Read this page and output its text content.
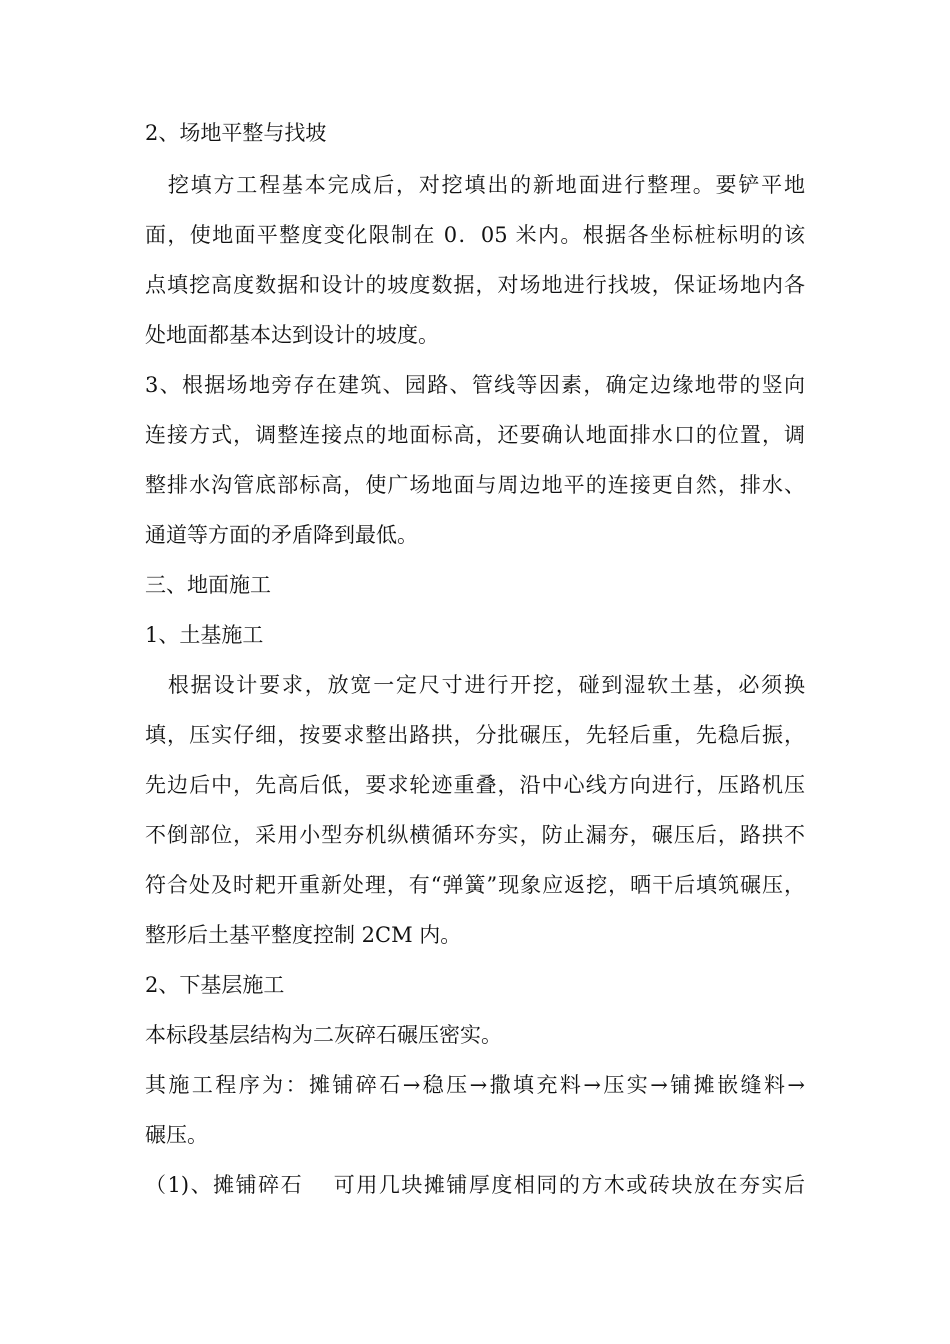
2、场地平整与找坡
　挖填方工程基本完成后，对挖填出的新地面进行整理。要铲平地
面，使地面平整度变化限制在 0．05 米内。根据各坐标桩标明的该
点填挖高度数据和设计的坡度数据，对场地进行找坡，保证场地内各
处地面都基本达到设计的坡度。
3、根据场地旁存在建筑、园路、管线等因素，确定边缘地带的竖向
连接方式，调整连接点的地面标高，还要确认地面排水口的位置，调
整排水沟管底部标高，使广场地面与周边地平的连接更自然，排水、
通道等方面的矛盾降到最低。
三、地面施工
1、土基施工
　根据设计要求，放宽一定尺寸进行开挖，碰到湿软土基，必须换
填，压实仔细，按要求整出路拱，分批碾压，先轻后重，先稳后振，
先边后中，先高后低，要求轮迹重叠，沿中心线方向进行，压路机压
不倒部位，采用小型夯机纵横循环夯实，防止漏夯，碾压后，路拱不
符合处及时耙开重新处理，有“弹簧”现象应返挖，晒干后填筑碾压，
整形后土基平整度控制 2CM 内。
2、下基层施工
本标段基层结构为二灰碎石碾压密实。
其施工程序为：摊铺碎石→稳压→撒填充料→压实→铺摊嵌缝料→
碾压。
（1)、摊铺碎石　 可用几块摊铺厚度相同的方木或砖块放在夯实后
